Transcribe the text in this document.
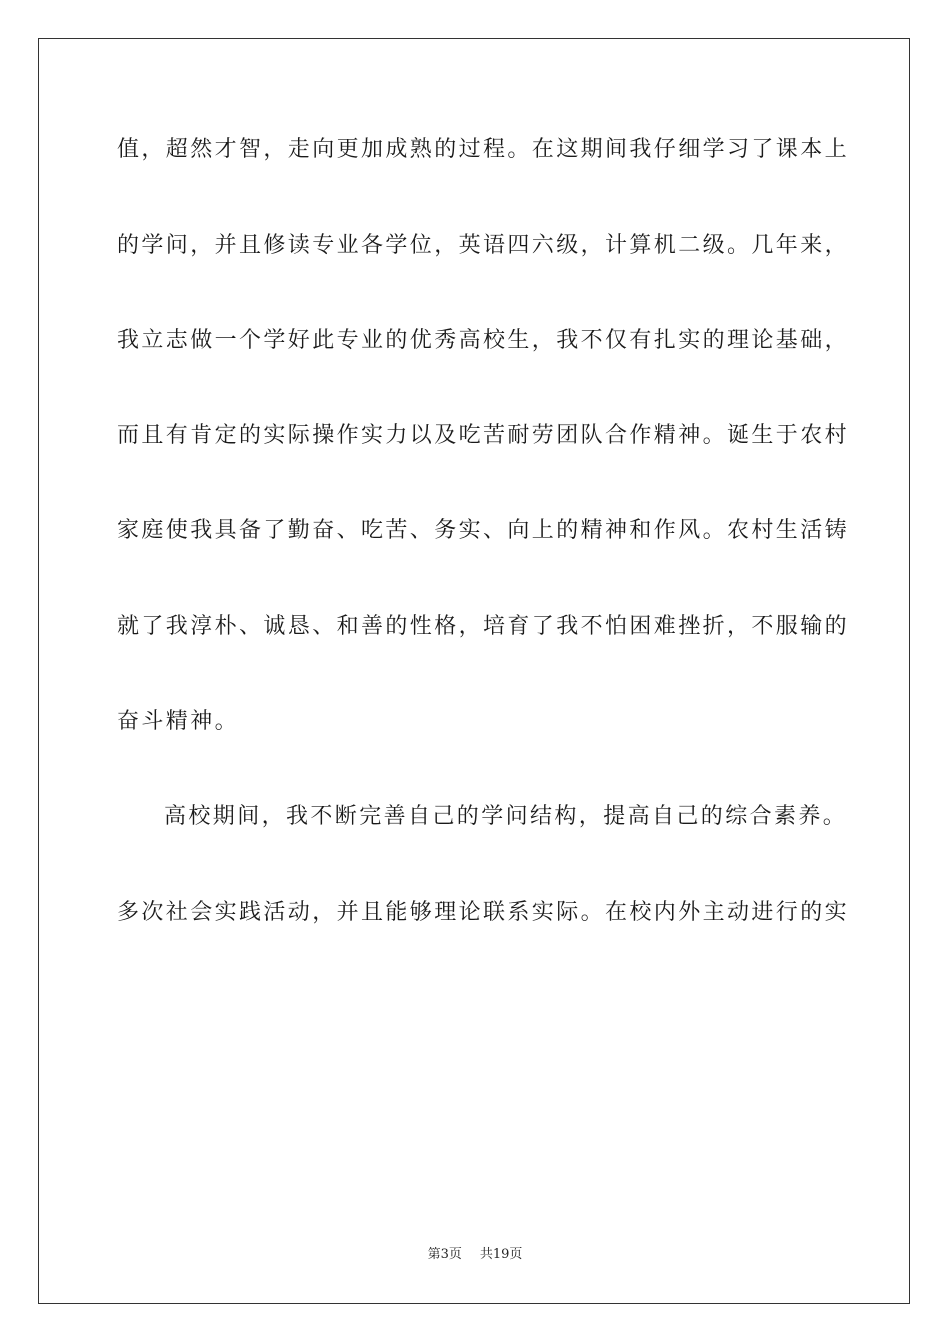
值，超然才智，走向更加成熟的过程。在这期间我仔细学习了课本上
的学问，并且修读专业各学位，英语四六级，计算机二级。几年来，
我立志做一个学好此专业的优秀高校生，我不仅有扎实的理论基础，
而且有肯定的实际操作实力以及吃苦耐劳团队合作精神。诞生于农村
家庭使我具备了勤奋、吃苦、务实、向上的精神和作风。农村生活铸
就了我淳朴、诚恳、和善的性格，培育了我不怕困难挫折，不服输的
奋斗精神。
高校期间，我不断完善自己的学问结构，提高自己的综合素养。
多次社会实践活动，并且能够理论联系实际。在校内外主动进行的实
第3页 共19页
